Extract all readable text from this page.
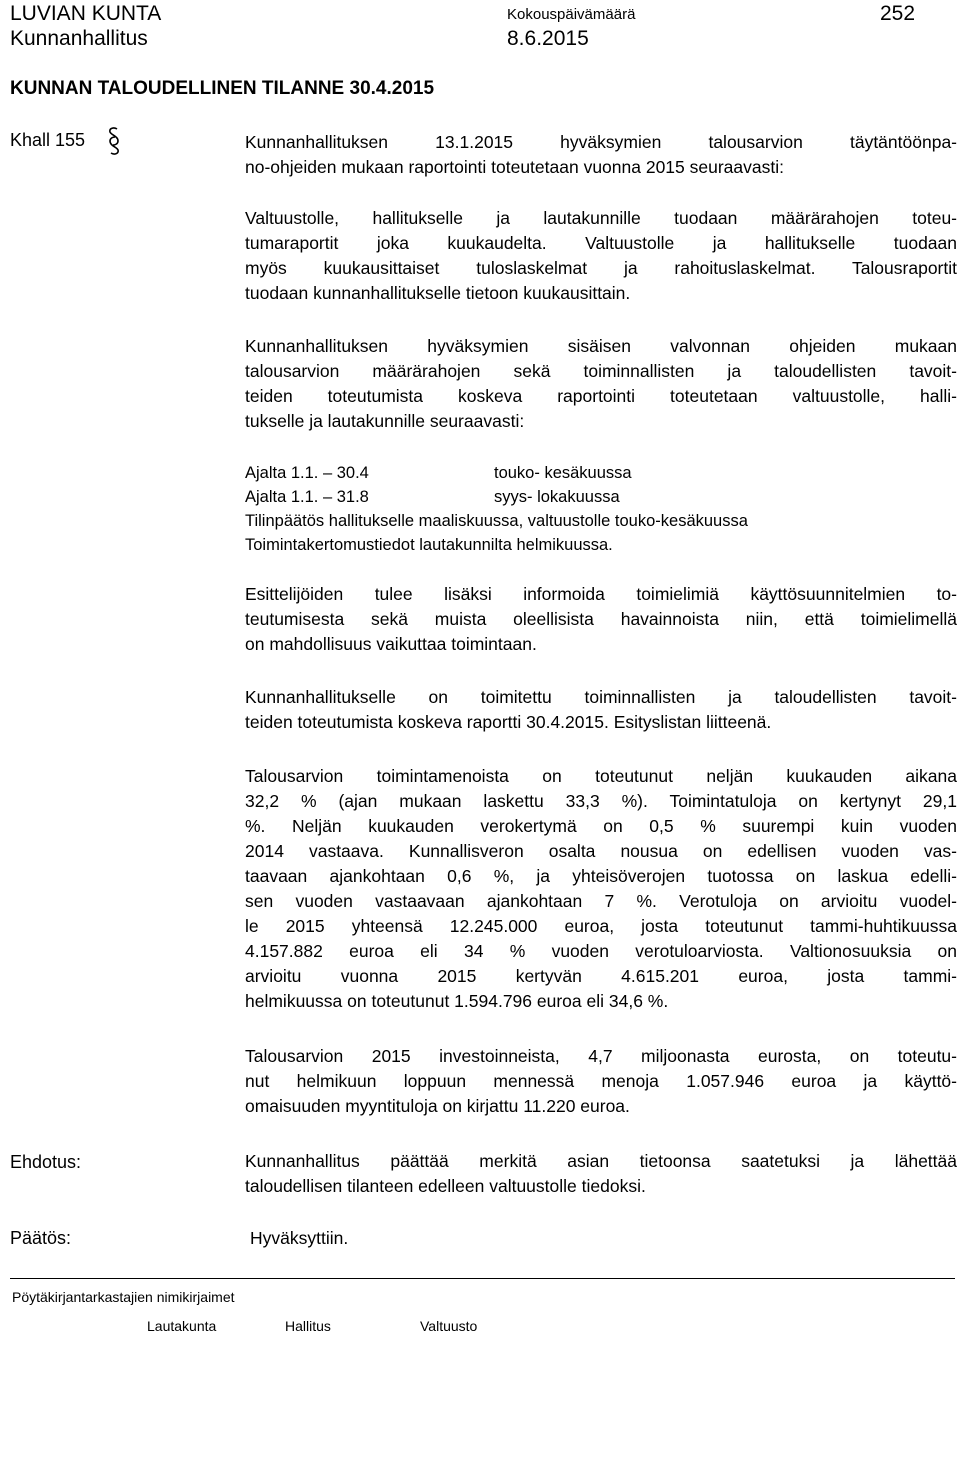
LUVIAN KUNTA
Kunnanhallitus
Kokouspäivämäärä
8.6.2015
252
KUNNAN TALOUDELLINEN TILANNE 30.4.2015
Khall 155	Kunnanhallituksen 13.1.2015 hyväksymien talousarvion täytäntöönpa-
no-ohjeiden mukaan raportointi toteutetaan vuonna 2015 seuraavasti:

Valtuustolle, hallitukselle ja lautakunnille tuodaan määrärahojen toteu-
tumaraportit joka kuukaudelta. Valtuustolle ja hallitukselle tuodaan
myös kuukausittaiset tuloslaskelmat ja rahoituslaskelmat. Talousraportit
tuodaan kunnanhallitukselle tietoon kuukausittain.

Kunnanhallituksen hyväksymien sisäisen valvonnan ohjeiden mukaan
talousarvion määrärahojen sekä toiminnallisten ja taloudellisten tavoit-
teiden toteutumista koskeva raportointi toteutetaan valtuustolle, halli-
tukselle ja lautakunnille seuraavasti:

Ajalta 1.1. – 30.4	touko- kesäkuussa
Ajalta 1.1. – 31.8	syys- lokakuussa
Tilinpäätös hallitukselle maaliskuussa, valtuustolle touko-kesäkuussa
Toimintakertomustiedot lautakunnilta helmikuussa.

Esittelijöiden tulee lisäksi informoida toimielimiä käyttösuunnitelmien to-
teutumisesta sekä muista oleellisista havainnoista niin, että toimielimellä
on mahdollisuus vaikuttaa toimintaan.

Kunnanhallitukselle on toimitettu toiminnallisten ja taloudellisten tavoit-
teiden toteutumista koskeva raportti 30.4.2015. Esityslistan liitteenä.

Talousarvion toimintamenoista on toteutunut neljän kuukauden aikana
32,2 % (ajan mukaan laskettu 33,3 %). Toimintatuloja on kertynyt 29,1
%. Neljän kuukauden verokertymä on 0,5 % suurempi kuin vuoden
2014 vastaava. Kunnallisveron osalta nousua on edellisen vuoden vas-
taavaan ajankohtaan 0,6 %, ja yhteisöverojen tuotossa on laskua edelli-
sen vuoden vastaavaan ajankohtaan 7 %. Verotuloja on arvioitu vuodel-
le 2015 yhteensä 12.245.000 euroa, josta toteutunut tammi-huhtikuussa
4.157.882 euroa eli 34 % vuoden verotuloarviosta. Valtionosuuksia on
arvioitu vuonna 2015 kertyvän 4.615.201 euroa, josta tammi-
helmikuussa on toteutunut 1.594.796 euroa eli 34,6 %.

Talousarvion 2015 investoinneista, 4,7 miljoonasta eurosta, on toteutu-
nut helmikuun loppuun mennessä menoja 1.057.946 euroa ja käyttö-
omaisuuden myyntituloja on kirjattu 11.220 euroa.

Ehdotus:	Kunnanhallitus päättää merkitä asian tietoonsa saatetuksi ja lähettää
taloudellisen tilanteen edelleen valtuustolle tiedoksi.

Päätös:	Hyväksyttiin.
Pöytäkirjantarkastajien nimikirjaimet
Lautakunta	Hallitus	Valtuusto
